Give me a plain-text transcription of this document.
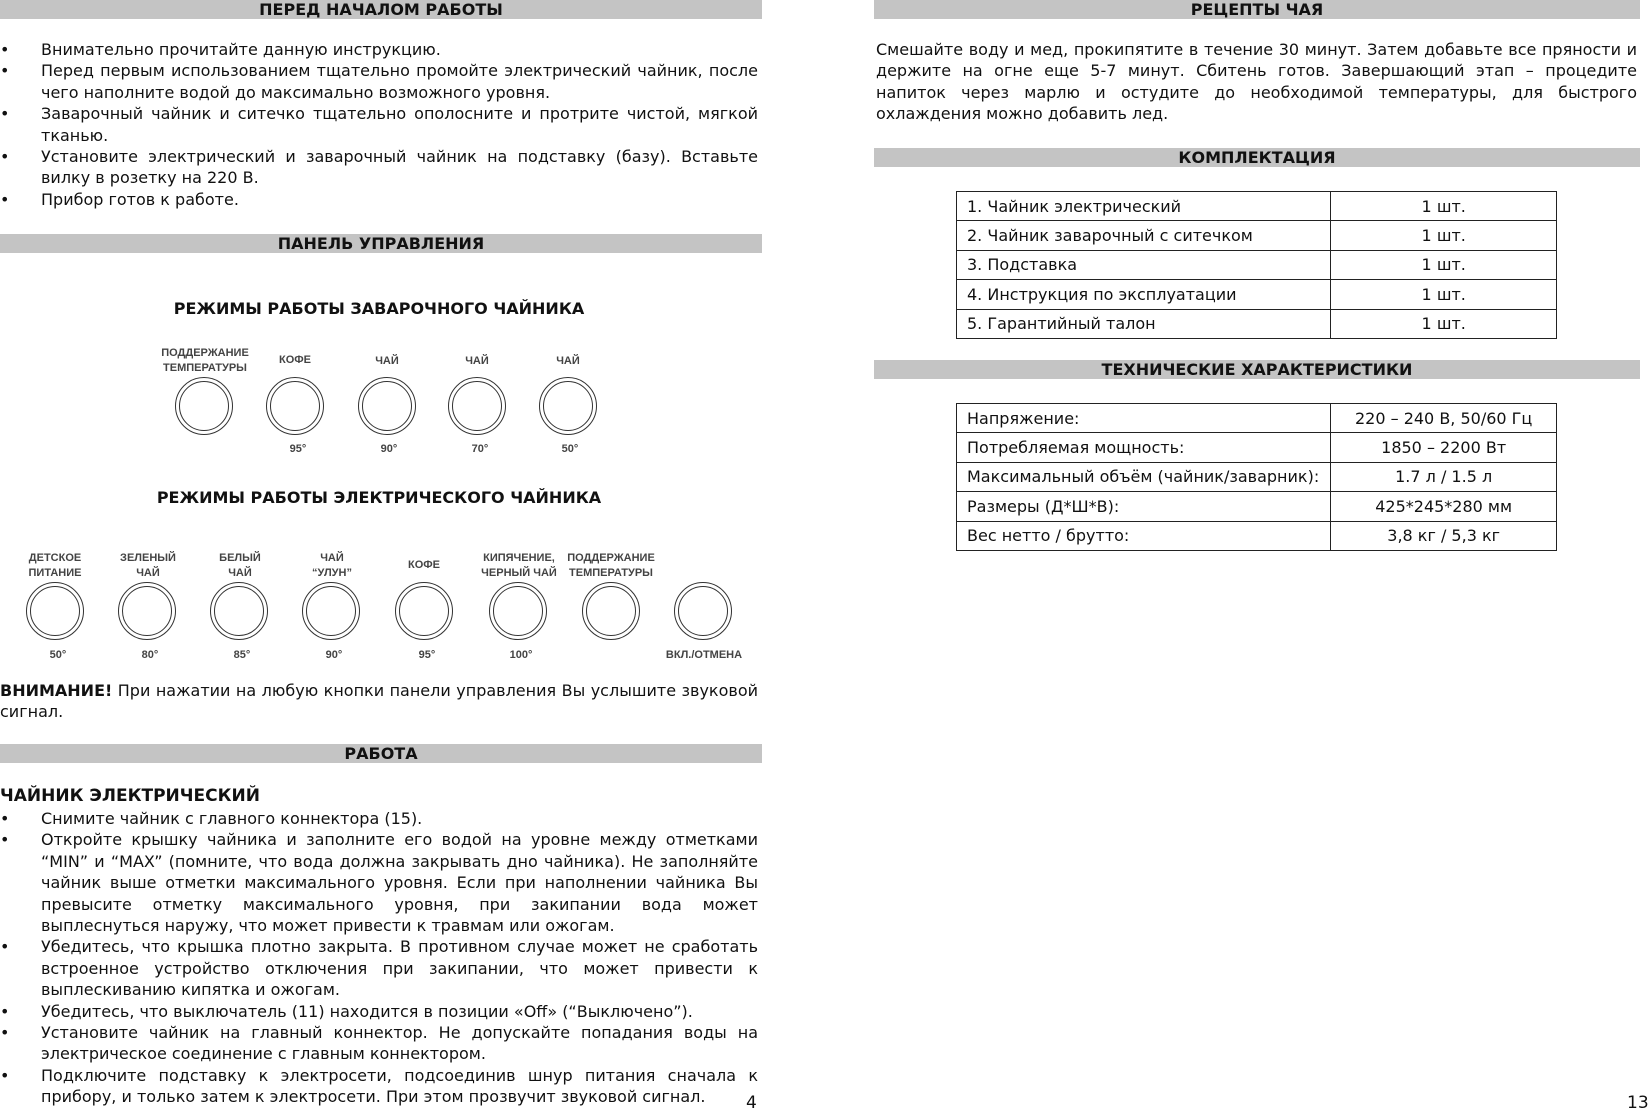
ПЕРЕД НАЧАЛОМ РАБОТЫ
• Внимательно прочитайте данную инструкцию.
• Перед первым использованием тщательно промойте электрический чайник, после чего наполните водой до максимально возможного уровня.
• Заварочный чайник и ситечко тщательно ополосните и протрите чистой, мягкой тканью.
• Установите электрический и заварочный чайник на подставку (базу). Вставьте вилку в розетку на 220 В.
• Прибор готов к работе.
ПАНЕЛЬ УПРАВЛЕНИЯ
РЕЖИМЫ РАБОТЫ ЗАВАРОЧНОГО ЧАЙНИКА
ПОДДЕРЖАНИЕ
ТЕМПЕРАТУРЫ
КОФЕ
95°
ЧАЙ
90°
ЧАЙ
70°
ЧАЙ
50°
РЕЖИМЫ РАБОТЫ ЭЛЕКТРИЧЕСКОГО ЧАЙНИКА
ДЕТСКОЕ
ПИТАНИЕ
50°
ЗЕЛЕНЫЙ
ЧАЙ
80°
БЕЛЫЙ
ЧАЙ
85°
ЧАЙ
“УЛУН”
90°
КОФЕ
95°
КИПЯЧЕНИЕ,
ЧЕРНЫЙ ЧАЙ
100°
ПОДДЕРЖАНИЕ
ТЕМПЕРАТУРЫ
ВКЛ./ОТМЕНА

ВНИМАНИЕ! При нажатии на любую кнопки панели управления Вы услышите звуковой сигнал.

РАБОТА
ЧАЙНИК ЭЛЕКТРИЧЕСКИЙ
• Снимите чайник с главного коннектора (15).
• Откройте крышку чайника и заполните его водой на уровне между отметками “MIN” и “MAX” (помните, что вода должна закрывать дно чайника). Не заполняйте чайник выше отметки максимального уровня. Если при наполнении чайника Вы превысите отметку максимального уровня, при закипании вода может выплеснуться наружу, что может привести к травмам или ожогам.
• Убедитесь, что крышка плотно закрыта. В противном случае может не сработать встроенное устройство отключения при закипании, что может привести к выплескиванию кипятка и ожогам.
• Убедитесь, что выключатель (11) находится в позиции «Off» (“Выключено”).
• Установите чайник на главный коннектор. Не допускайте попадания воды на электрическое соединение с главным коннектором.
• Подключите подставку к электросети, подсоединив шнур питания сначала к прибору, и только затем к электросети. При этом прозвучит звуковой сигнал.	4
РЕЦЕПТЫ ЧАЯ

Смешайте воду и мед, прокипятите в течение 30 минут. Затем добавьте все пряности и держите на огне еще 5-7 минут. Сбитень готов. Завершающий этап – процедите напиток через марлю и остудите до необходимой температуры, для быстрого охлаждения можно добавить лед.

КОМПЛЕКТАЦИЯ
1. Чайник электрический	1 шт.
2. Чайник заварочный с ситечком	1 шт.
3. Подставка	1 шт.
4. Инструкция по эксплуатации	1 шт.
5. Гарантийный талон	1 шт.
ТЕХНИЧЕСКИЕ ХАРАКТЕРИСТИКИ
Напряжение:	220 – 240 В, 50/60 Гц
Потребляемая мощность:	1850 – 2200 Вт
Максимальный объём (чайник/заварник):	1.7 л / 1.5 л
Размеры (Д*Ш*В):	425*245*280 мм
Вес нетто / брутто:	3,8 кг / 5,3 кг
13
